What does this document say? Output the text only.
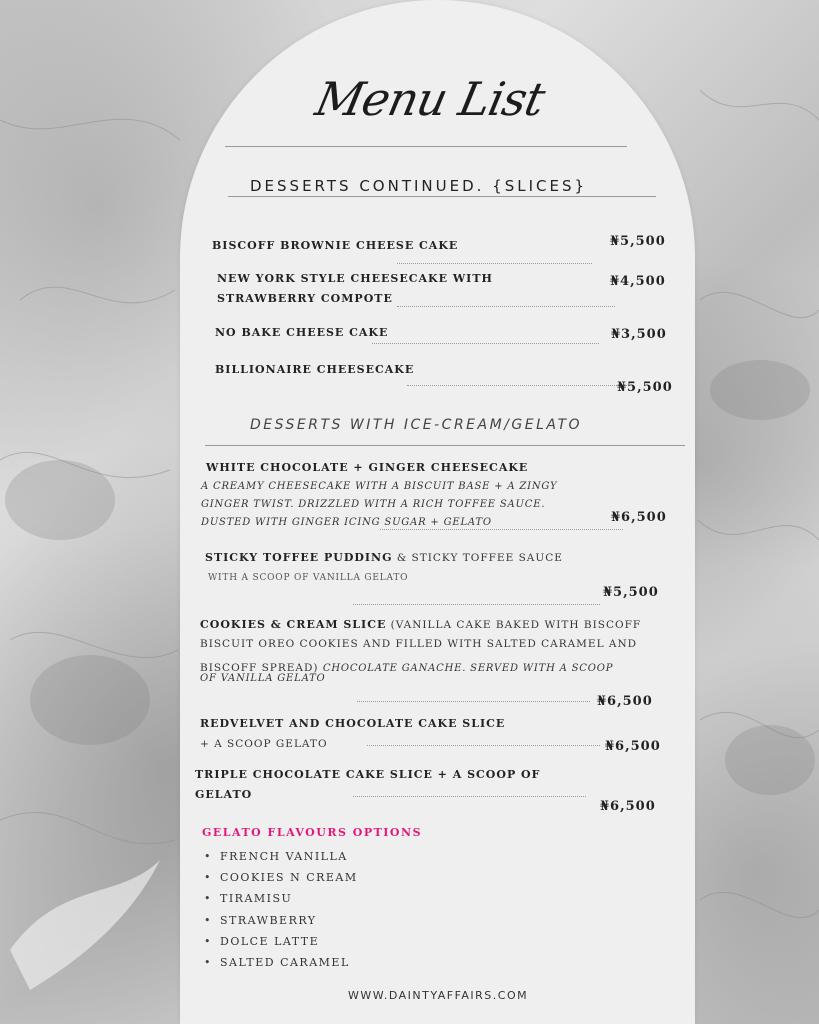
Menu List
DESSERTS CONTINUED. {SLICES}
BISCOFF BROWNIE CHEESE CAKE	₦5,500
NEW YORK STYLE CHEESECAKE WITH
STRAWBERRY COMPOTE
₦4,500
NO BAKE CHEESE CAKE	₦3,500
BILLIONAIRE CHEESECAKE
₦5,500
DESSERTS WITH ICE-CREAM/GELATO
WHITE CHOCOLATE + GINGER CHEESECAKE
A CREAMY CHEESECAKE WITH A BISCUIT BASE + A ZINGY
GINGER TWIST. DRIZZLED WITH A RICH TOFFEE SAUCE.
DUSTED WITH GINGER ICING SUGAR + GELATO	₦6,500
STICKY TOFFEE PUDDING & STICKY TOFFEE SAUCE
WITH A SCOOP OF VANILLA GELATO
₦5,500
COOKIES & CREAM SLICE (VANILLA CAKE BAKED WITH BISCOFF
BISCUIT OREO COOKIES AND FILLED WITH SALTED CARAMEL AND
BISCOFF SPREAD) CHOCOLATE GANACHE. SERVED WITH A SCOOP
OF VANILLA GELATO
₦6,500
REDVELVET AND CHOCOLATE CAKE SLICE
+ A SCOOP GELATO	₦6,500
TRIPLE CHOCOLATE CAKE SLICE + A SCOOP OF
GELATO
₦6,500
GELATO FLAVOURS OPTIONS
• FRENCH VANILLA
• COOKIES N CREAM
• TIRAMISU
• STRAWBERRY
• DOLCE LATTE
• SALTED CARAMEL
WWW.DAINTYAFFAIRS.COM
